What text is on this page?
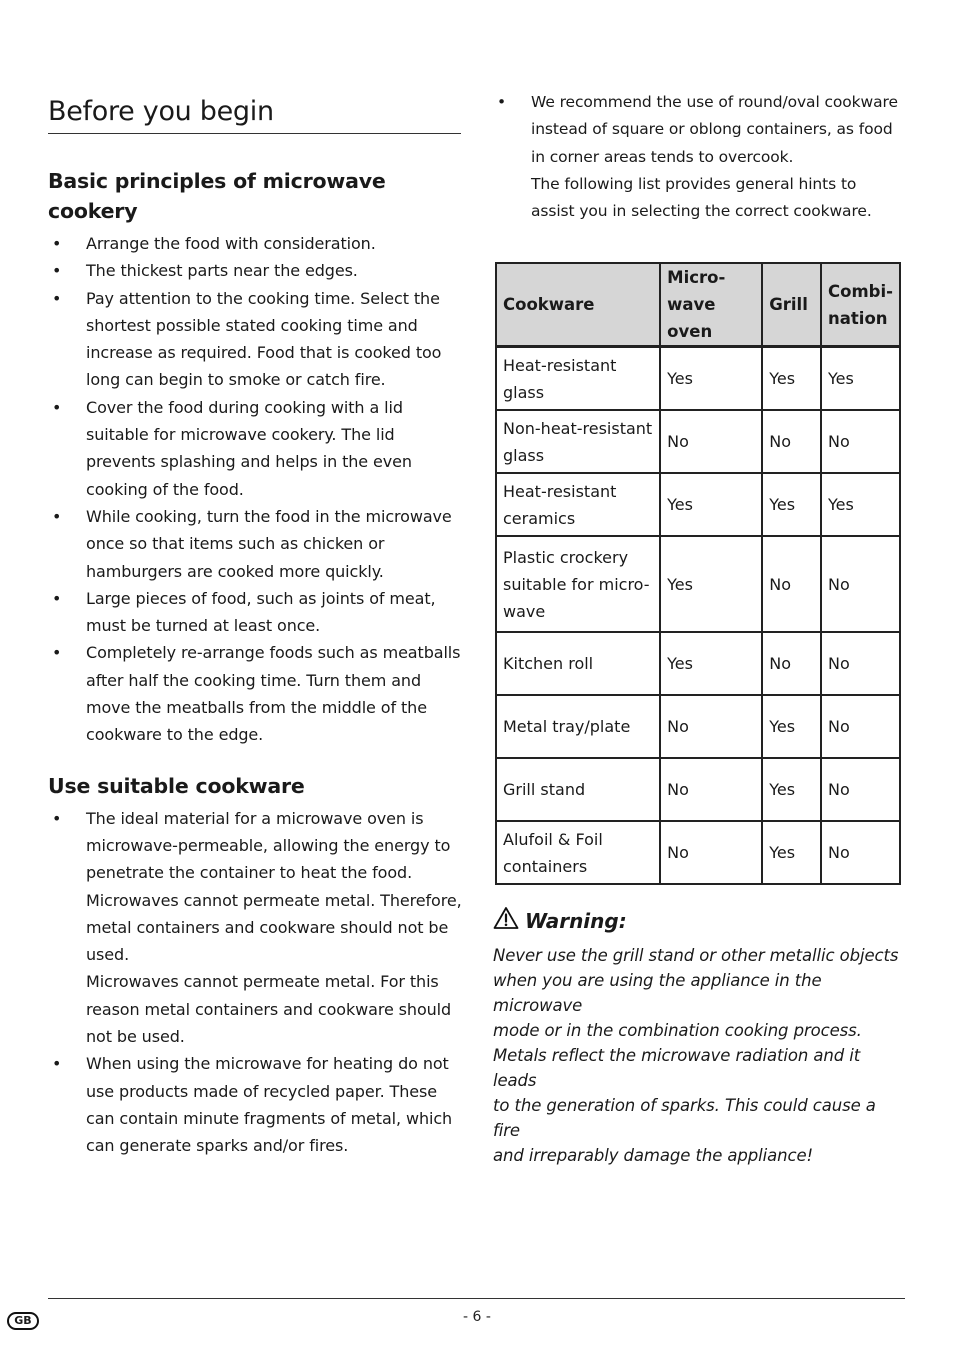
Before you begin
Basic principles of microwave cookery
• Arrange the food with consideration.
• The thickest parts near the edges.
• Pay attention to the cooking time. Select the shortest possible stated cooking time and increase as required. Food that is cooked too long can begin to smoke or catch fire.
• Cover the food during cooking with a lid suitable for microwave cookery. The lid prevents splashing and helps in the even cooking of the food.
• While cooking, turn the food in the microwave once so that items such as chicken or hamburgers are cooked more quickly.
• Large pieces of food, such as joints of meat, must be turned at least once.
• Completely re-arrange foods such as meatballs after half the cooking time. Turn them and move the meatballs from the middle of the cookware to the edge.
Use suitable cookware
• The ideal material for a microwave oven is microwave-permeable, allowing the energy to penetrate the container to heat the food.
Microwaves cannot permeate metal. Therefore, metal containers and cookware should not be used.
Microwaves cannot permeate metal. For this reason metal containers and cookware should not be used.
• When using the microwave for heating do not use products made of recycled paper. These can contain minute fragments of metal, which can generate sparks and/or fires.
• We recommend the use of round/oval cookware instead of square or oblong containers, as food in corner areas tends to overcook.
The following list provides general hints to assist you in selecting the correct cookware.
Cookware	Micro-wave oven	Grill	Combi-nation
Heat-resistant glass	Yes	Yes	Yes
Non-heat-resistant glass	No	No	No
Heat-resistant ceramics	Yes	Yes	Yes
Plastic crockery suitable for micro-wave	Yes	No	No
Kitchen roll	Yes	No	No
Metal tray/plate	No	Yes	No
Grill stand	No	Yes	No
Alufoil & Foil containers	No	Yes	No
Warning:
Never use the grill stand or other metallic objects
when you are using the appliance in the microwave
mode or in the combination cooking process.
Metals reflect the microwave radiation and it leads
to the generation of sparks. This could cause a fire
and irreparably damage the appliance!
GB	- 6 -
